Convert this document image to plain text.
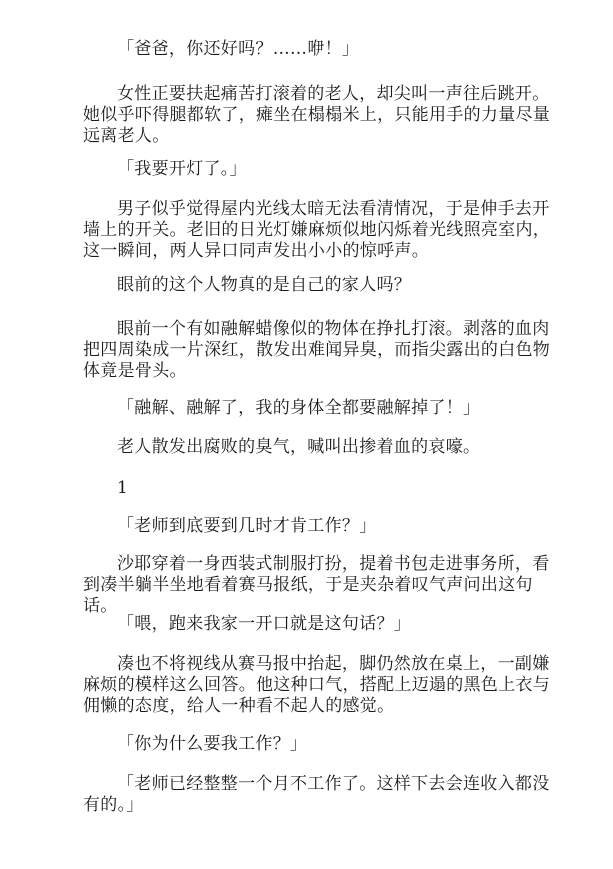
「爸爸，你还好吗？……咿！」

女性正要扶起痛苦打滚着的老人，却尖叫一声往后跳开。她似乎吓得腿都软了，瘫坐在榻榻米上，只能用手的力量尽量远离老人。

「我要开灯了。」

男子似乎觉得屋内光线太暗无法看清情况，于是伸手去开墙上的开关。老旧的日光灯嫌麻烦似地闪烁着光线照亮室内，这一瞬间，两人异口同声发出小小的惊呼声。

眼前的这个人物真的是自己的家人吗？

眼前一个有如融解蜡像似的物体在挣扎打滚。剥落的血肉把四周染成一片深红，散发出难闻异臭，而指尖露出的白色物体竟是骨头。

「融解、融解了，我的身体全都要融解掉了！」

老人散发出腐败的臭气，喊叫出掺着血的哀嚎。

1

「老师到底要到几时才肯工作？」

沙耶穿着一身西装式制服打扮，提着书包走进事务所，看到凑半躺半坐地看着赛马报纸，于是夹杂着叹气声问出这句话。

「喂，跑来我家一开口就是这句话？」

凑也不将视线从赛马报中抬起，脚仍然放在桌上，一副嫌麻烦的模样这么回答。他这种口气，搭配上迈遢的黑色上衣与佣懒的态度，给人一种看不起人的感觉。

「你为什么要我工作？」

「老师已经整整一个月不工作了。这样下去会连收入都没有的。」
